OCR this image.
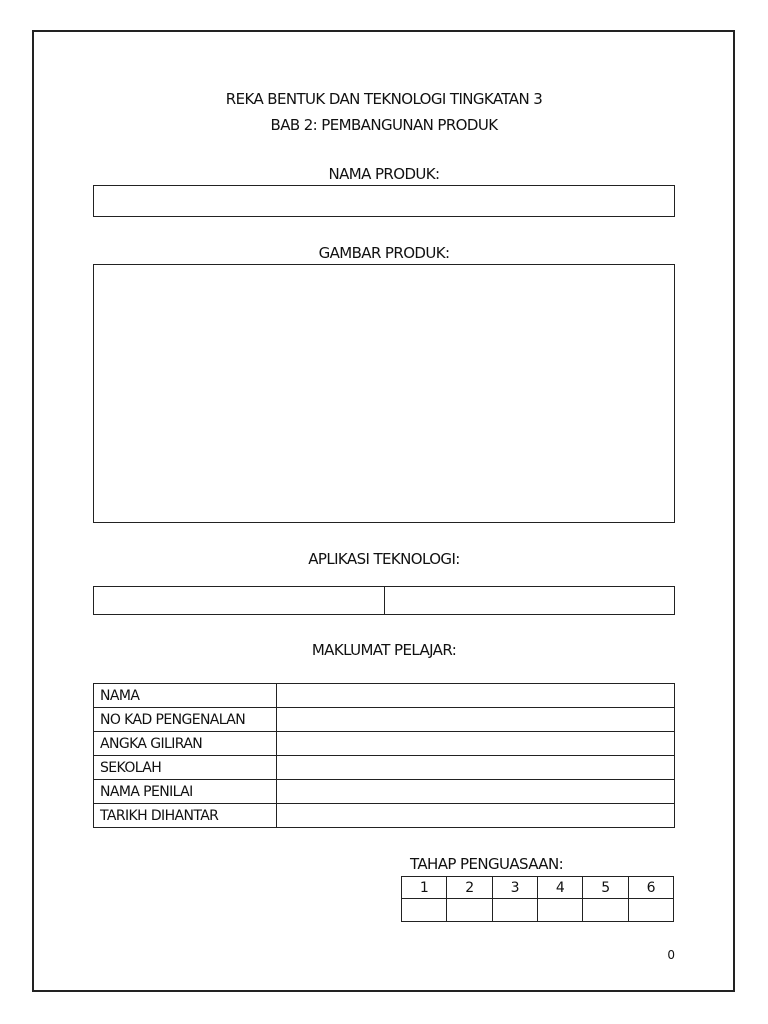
REKA BENTUK DAN TEKNOLOGI TINGKATAN 3
BAB 2: PEMBANGUNAN PRODUK
NAMA PRODUK:
GAMBAR PRODUK:
APLIKASI TEKNOLOGI:

MAKLUMAT PELAJAR:
NAMA	
NO KAD PENGENALAN	
ANGKA GILIRAN	
SEKOLAH	
NAMA PENILAI	
TARIKH DIHANTAR	
TAHAP PENGUASAAN:
1	2	3	4	5	6

0
